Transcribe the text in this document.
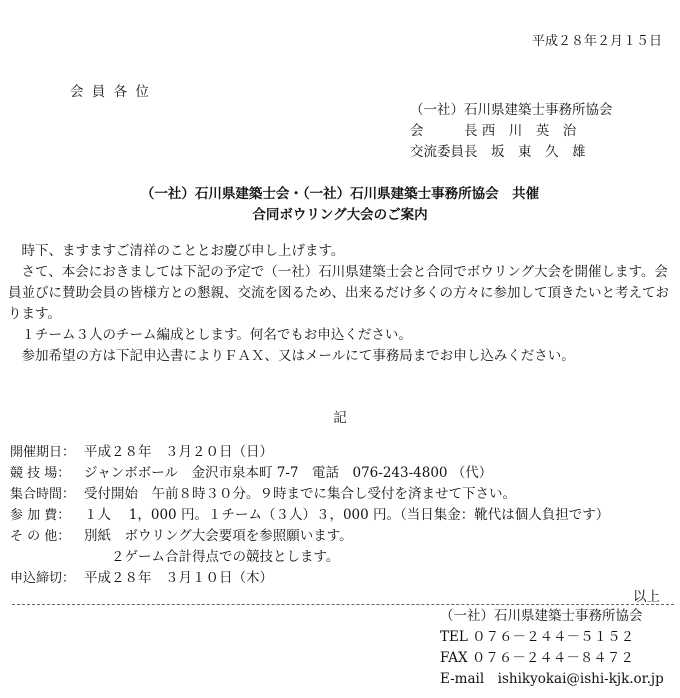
平成２８年２月１５日
会 員 各 位
（一社）石川県建築士事務所協会
会　　　長 西　川　英　治
交流委員長　坂　東　久　雄
（一社）石川県建築士会・（一社）石川県建築士事務所協会　共催
合同ボウリング大会のご案内

　時下、ますますご清祥のこととお慶び申し上げます。

　さて、本会におきましては下記の予定で（一社）石川県建築士会と合同でボウリング大会を開催します。会員並びに賛助会員の皆様方との懇親、交流を図るため、出来るだけ多くの方々に参加して頂きたいと考えております。

　１チーム３人のチーム編成とします。何名でもお申込ください。

　参加希望の方は下記申込書によりＦＡＸ、又はメールにて事務局までお申し込みください。

記
開催期日： 平成２８年　３月２０日（日）
競 技 場：	ジャンボボール　金沢市泉本町 7-7　電話　076-243-4800 （代）
集合時間： 受付開始　午前８時３０分。９時までに集合し受付を済ませて下さい。
参 加 費：	１人　 1，000 円。１チーム（３人）３，000 円。（当日集金：靴代は個人負担です）
そ の 他：	別紙　ボウリング大会要項を参照願います。
　　２ゲーム合計得点での競技とします。
申込締切： 平成２８年　３月１０日（木）
以上
（一社）石川県建築士事務所協会
TEL ０７６－２４４－５１５２
FAX ０７６－２４４－８４７２
E-mail　ishikyokai@ishi-kjk.or.jp
